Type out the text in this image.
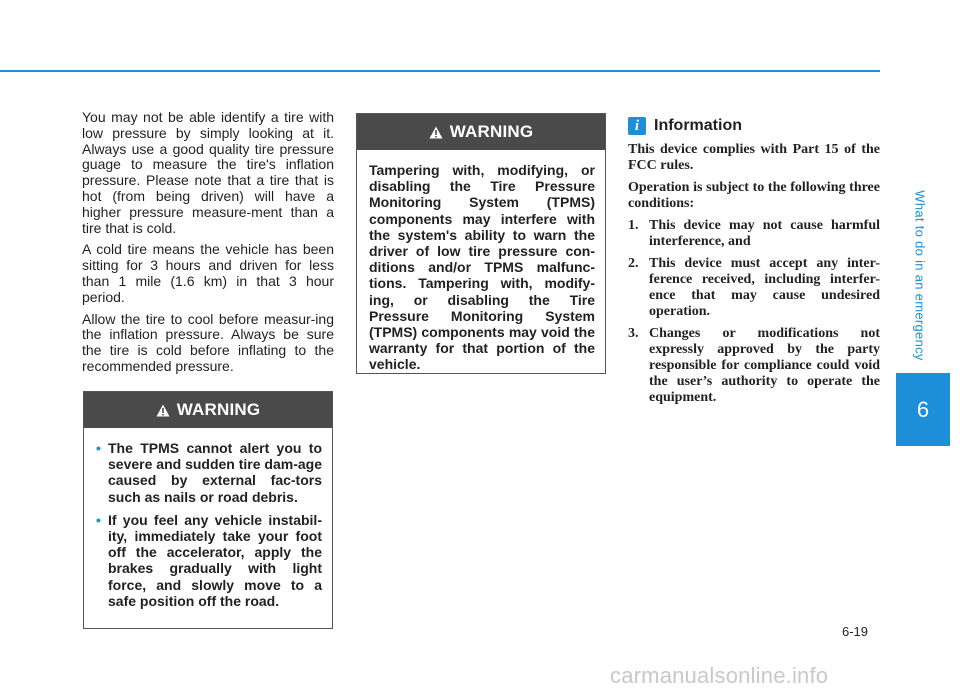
What to do in an emergency
6

You may not be able identify a tire with low pressure by simply looking at it. Always use a good quality tire pressure guage to measure the tire's inflation pressure. Please note that a tire that is hot (from being driven) will have a higher pressure measure-ment than a tire that is cold.

A cold tire means the vehicle has been sitting for 3 hours and driven for less than 1 mile (1.6 km) in that 3 hour period.

Allow the tire to cool before measur-ing the inflation pressure. Always be sure the tire is cold before inflating to the recommended pressure.

WARNING
• The TPMS cannot alert you to severe and sudden tire dam-age caused by external fac-tors such as nails or road debris.
• If you feel any vehicle instabil-ity, immediately take your foot off the accelerator, apply the brakes gradually with light force, and slowly move to a safe position off the road.
WARNING
Tampering with, modifying, or disabling the Tire Pressure Monitoring System (TPMS) components may interfere with the system's ability to warn the driver of low tire pressure con-ditions and/or TPMS malfunc-tions. Tampering with, modify-ing, or disabling the Tire Pressure Monitoring System (TPMS) components may void the warranty for that portion of the vehicle.
i Information

This device complies with Part 15 of the FCC rules.

Operation is subject to the following three conditions:

1. This device may not cause harmful interference, and
2. This device must accept any inter-ference received, including interfer-ence that may cause undesired operation.
3. Changes or modifications not expressly approved by the party responsible for compliance could void the user’s authority to operate the equipment.
6-19
carmanualsonline.info
